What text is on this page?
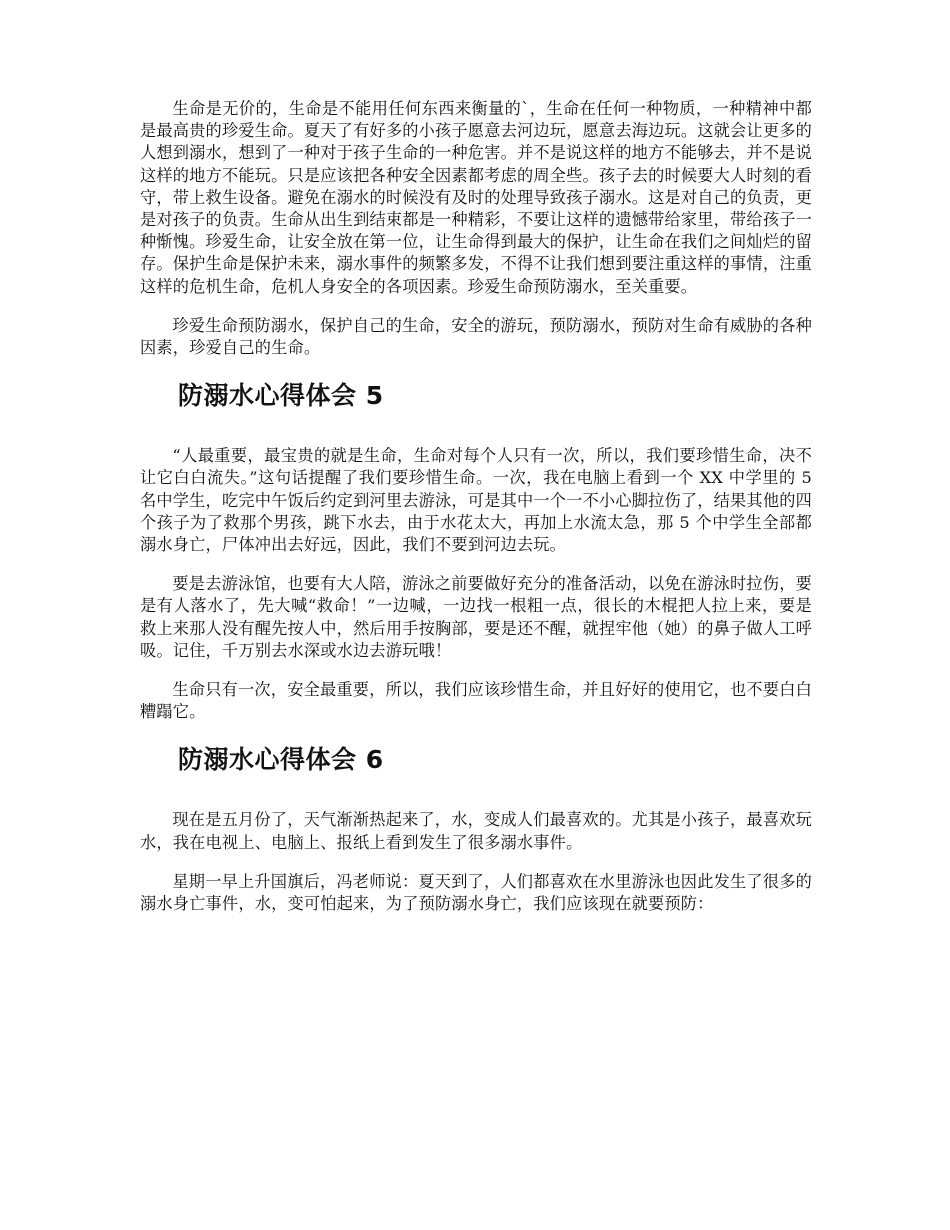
生命是无价的，生命是不能用任何东西来衡量的`，生命在任何一种物质，一种精神中都是最高贵的珍爱生命。夏天了有好多的小孩子愿意去河边玩，愿意去海边玩。这就会让更多的人想到溺水，想到了一种对于孩子生命的一种危害。并不是说这样的地方不能够去，并不是说这样的地方不能玩。只是应该把各种安全因素都考虑的周全些。孩子去的时候要大人时刻的看守，带上救生设备。避免在溺水的时候没有及时的处理导致孩子溺水。这是对自己的负责，更是对孩子的负责。生命从出生到结束都是一种精彩，不要让这样的遗憾带给家里，带给孩子一种惭愧。珍爱生命，让安全放在第一位，让生命得到最大的保护，让生命在我们之间灿烂的留存。保护生命是保护未来，溺水事件的频繁多发，不得不让我们想到要注重这样的事情，注重这样的危机生命，危机人身安全的各项因素。珍爱生命预防溺水，至关重要。

珍爱生命预防溺水，保护自己的生命，安全的游玩，预防溺水，预防对生命有威胁的各种因素，珍爱自己的生命。

防溺水心得体会 5

“人最重要，最宝贵的就是生命，生命对每个人只有一次，所以，我们要珍惜生命，决不让它白白流失。”这句话提醒了我们要珍惜生命。一次，我在电脑上看到一个 XX 中学里的 5 名中学生，吃完中午饭后约定到河里去游泳，可是其中一个一不小心脚拉伤了，结果其他的四个孩子为了救那个男孩，跳下水去，由于水花太大，再加上水流太急，那 5 个中学生全部都溺水身亡，尸体冲出去好远，因此，我们不要到河边去玩。

要是去游泳馆，也要有大人陪，游泳之前要做好充分的准备活动，以免在游泳时拉伤，要是有人落水了，先大喊“救命！”一边喊，一边找一根粗一点，很长的木棍把人拉上来，要是救上来那人没有醒先按人中，然后用手按胸部，要是还不醒，就捏牢他（她）的鼻子做人工呼吸。记住，千万别去水深或水边去游玩哦！

生命只有一次，安全最重要，所以，我们应该珍惜生命，并且好好的使用它，也不要白白糟蹋它。

防溺水心得体会 6

现在是五月份了，天气渐渐热起来了，水，变成人们最喜欢的。尤其是小孩子，最喜欢玩水，我在电视上、电脑上、报纸上看到发生了很多溺水事件。

星期一早上升国旗后，冯老师说：夏天到了，人们都喜欢在水里游泳也因此发生了很多的溺水身亡事件，水，变可怕起来，为了预防溺水身亡，我们应该现在就要预防：
